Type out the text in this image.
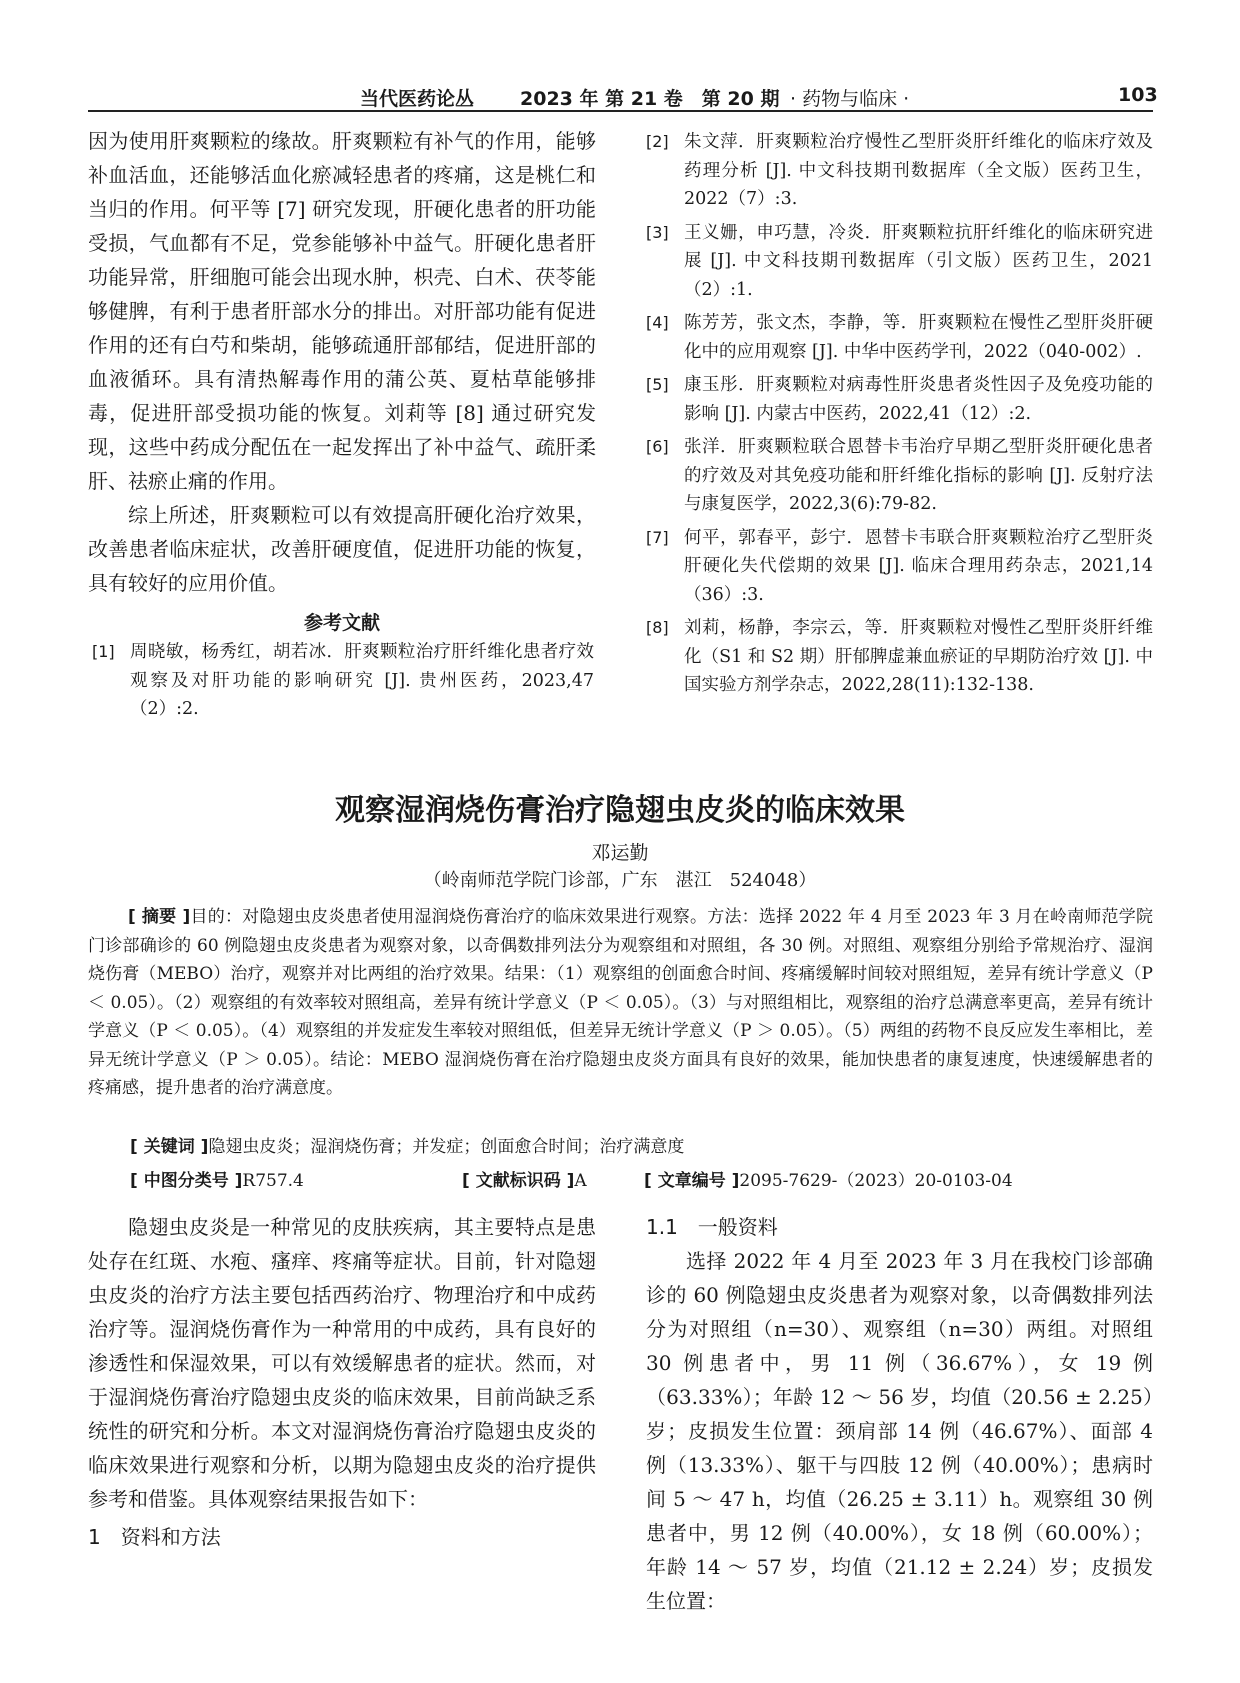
当代医药论丛 2023 年 第 21 卷　第 20 期 · 药物与临床 ·	103

因为使用肝爽颗粒的缘故。肝爽颗粒有补气的作用，能够补血活血，还能够活血化瘀减轻患者的疼痛，这是桃仁和当归的作用。何平等 [7] 研究发现，肝硬化患者的肝功能受损，气血都有不足，党参能够补中益气。肝硬化患者肝功能异常，肝细胞可能会出现水肿，枳壳、白术、茯苓能够健脾，有利于患者肝部水分的排出。对肝部功能有促进作用的还有白芍和柴胡，能够疏通肝部郁结，促进肝部的血液循环。具有清热解毒作用的蒲公英、夏枯草能够排毒，促进肝部受损功能的恢复。刘莉等 [8] 通过研究发现，这些中药成分配伍在一起发挥出了补中益气、疏肝柔肝、祛瘀止痛的作用。

综上所述，肝爽颗粒可以有效提高肝硬化治疗效果，改善患者临床症状，改善肝硬度值，促进肝功能的恢复，具有较好的应用价值。

参考文献
[1] 周晓敏，杨秀红，胡若冰．肝爽颗粒治疗肝纤维化患者疗效观察及对肝功能的影响研究 [J]. 贵州医药，2023,47（2）:2.
[2] 朱文萍．肝爽颗粒治疗慢性乙型肝炎肝纤维化的临床疗效及药理分析 [J]. 中文科技期刊数据库（全文版）医药卫生，2022（7）:3.
[3] 王义姗，申巧慧，冷炎．肝爽颗粒抗肝纤维化的临床研究进展 [J]. 中文科技期刊数据库（引文版）医药卫生，2021（2）:1.
[4] 陈芳芳，张文杰，李静，等．肝爽颗粒在慢性乙型肝炎肝硬化中的应用观察 [J]. 中华中医药学刊，2022（040-002）.
[5] 康玉彤．肝爽颗粒对病毒性肝炎患者炎性因子及免疫功能的影响 [J]. 内蒙古中医药，2022,41（12）:2.
[6] 张洋．肝爽颗粒联合恩替卡韦治疗早期乙型肝炎肝硬化患者的疗效及对其免疫功能和肝纤维化指标的影响 [J]. 反射疗法与康复医学，2022,3(6):79-82.
[7] 何平，郭春平，彭宁．恩替卡韦联合肝爽颗粒治疗乙型肝炎肝硬化失代偿期的效果 [J]. 临床合理用药杂志，2021,14（36）:3.
[8] 刘莉，杨静，李宗云，等．肝爽颗粒对慢性乙型肝炎肝纤维化（S1 和 S2 期）肝郁脾虚兼血瘀证的早期防治疗效 [J]. 中国实验方剂学杂志，2022,28(11):132-138.
观察湿润烧伤膏治疗隐翅虫皮炎的临床效果
邓运勤
（岭南师范学院门诊部，广东　湛江　524048）
[ 摘要 ]目的：对隐翅虫皮炎患者使用湿润烧伤膏治疗的临床效果进行观察。方法：选择 2022 年 4 月至 2023 年 3 月在岭南师范学院门诊部确诊的 60 例隐翅虫皮炎患者为观察对象，以奇偶数排列法分为观察组和对照组，各 30 例。对照组、观察组分别给予常规治疗、湿润烧伤膏（MEBO）治疗，观察并对比两组的治疗效果。结果：（1）观察组的创面愈合时间、疼痛缓解时间较对照组短，差异有统计学意义（P ＜ 0.05）。（2）观察组的有效率较对照组高，差异有统计学意义（P ＜ 0.05）。（3）与对照组相比，观察组的治疗总满意率更高，差异有统计学意义（P ＜ 0.05）。（4）观察组的并发症发生率较对照组低，但差异无统计学意义（P ＞ 0.05）。（5）两组的药物不良反应发生率相比，差异无统计学意义（P ＞ 0.05）。结论：MEBO 湿润烧伤膏在治疗隐翅虫皮炎方面具有良好的效果，能加快患者的康复速度，快速缓解患者的疼痛感，提升患者的治疗满意度。
[ 关键词 ]隐翅虫皮炎；湿润烧伤膏；并发症；创面愈合时间；治疗满意度
[ 中图分类号 ]R757.4	[ 文献标识码 ]A	[ 文章编号 ]2095-7629-（2023）20-0103-04

隐翅虫皮炎是一种常见的皮肤疾病，其主要特点是患处存在红斑、水疱、瘙痒、疼痛等症状。目前，针对隐翅虫皮炎的治疗方法主要包括西药治疗、物理治疗和中成药治疗等。湿润烧伤膏作为一种常用的中成药，具有良好的渗透性和保湿效果，可以有效缓解患者的症状。然而，对于湿润烧伤膏治疗隐翅虫皮炎的临床效果，目前尚缺乏系统性的研究和分析。本文对湿润烧伤膏治疗隐翅虫皮炎的临床效果进行观察和分析，以期为隐翅虫皮炎的治疗提供参考和借鉴。具体观察结果报告如下：

1　资料和方法

1.1　一般资料

选择 2022 年 4 月至 2023 年 3 月在我校门诊部确诊的 60 例隐翅虫皮炎患者为观察对象，以奇偶数排列法分为对照组（n=30）、观察组（n=30）两组。对照组 30 例患者中，男 11 例（36.67%），女 19 例（63.33%）；年龄 12 ～ 56 岁，均值（20.56 ± 2.25）岁；皮损发生位置：颈肩部 14 例（46.67%）、面部 4 例（13.33%）、躯干与四肢 12 例（40.00%）；患病时间 5 ～ 47 h，均值（26.25 ± 3.11）h。观察组 30 例患者中，男 12 例（40.00%），女 18 例（60.00%）；年龄 14 ～ 57 岁，均值（21.12 ± 2.24）岁；皮损发生位置：
